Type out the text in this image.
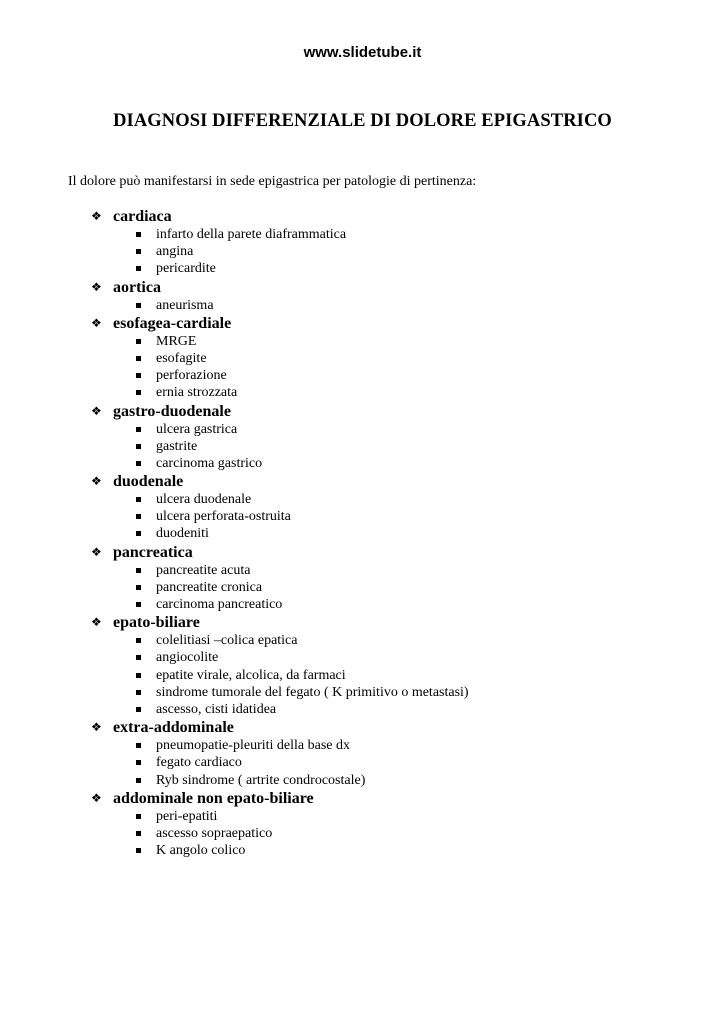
www.slidetube.it
DIAGNOSI DIFFERENZIALE DI DOLORE EPIGASTRICO

Il dolore può manifestarsi in sede epigastrica per patologie di pertinenza:

❖ cardiaca
infarto della parete diaframmatica
angina
pericardite
❖ aortica
aneurisma
❖ esofagea-cardiale
MRGE
esofagite
perforazione
ernia strozzata
❖ gastro-duodenale
ulcera gastrica
gastrite
carcinoma gastrico
❖ duodenale
ulcera duodenale
ulcera perforata-ostruita
duodeniti
❖ pancreatica
pancreatite acuta
pancreatite cronica
carcinoma pancreatico
❖ epato-biliare
colelitiasi –colica epatica
angiocolite
epatite virale, alcolica, da farmaci
sindrome tumorale del fegato ( K primitivo o metastasi)
ascesso, cisti idatidea
❖ extra-addominale
pneumopatie-pleuriti della base dx
fegato cardiaco
Ryb sindrome ( artrite condrocostale)
❖ addominale non epato-biliare
peri-epatiti
ascesso sopraepatico
K angolo colico
